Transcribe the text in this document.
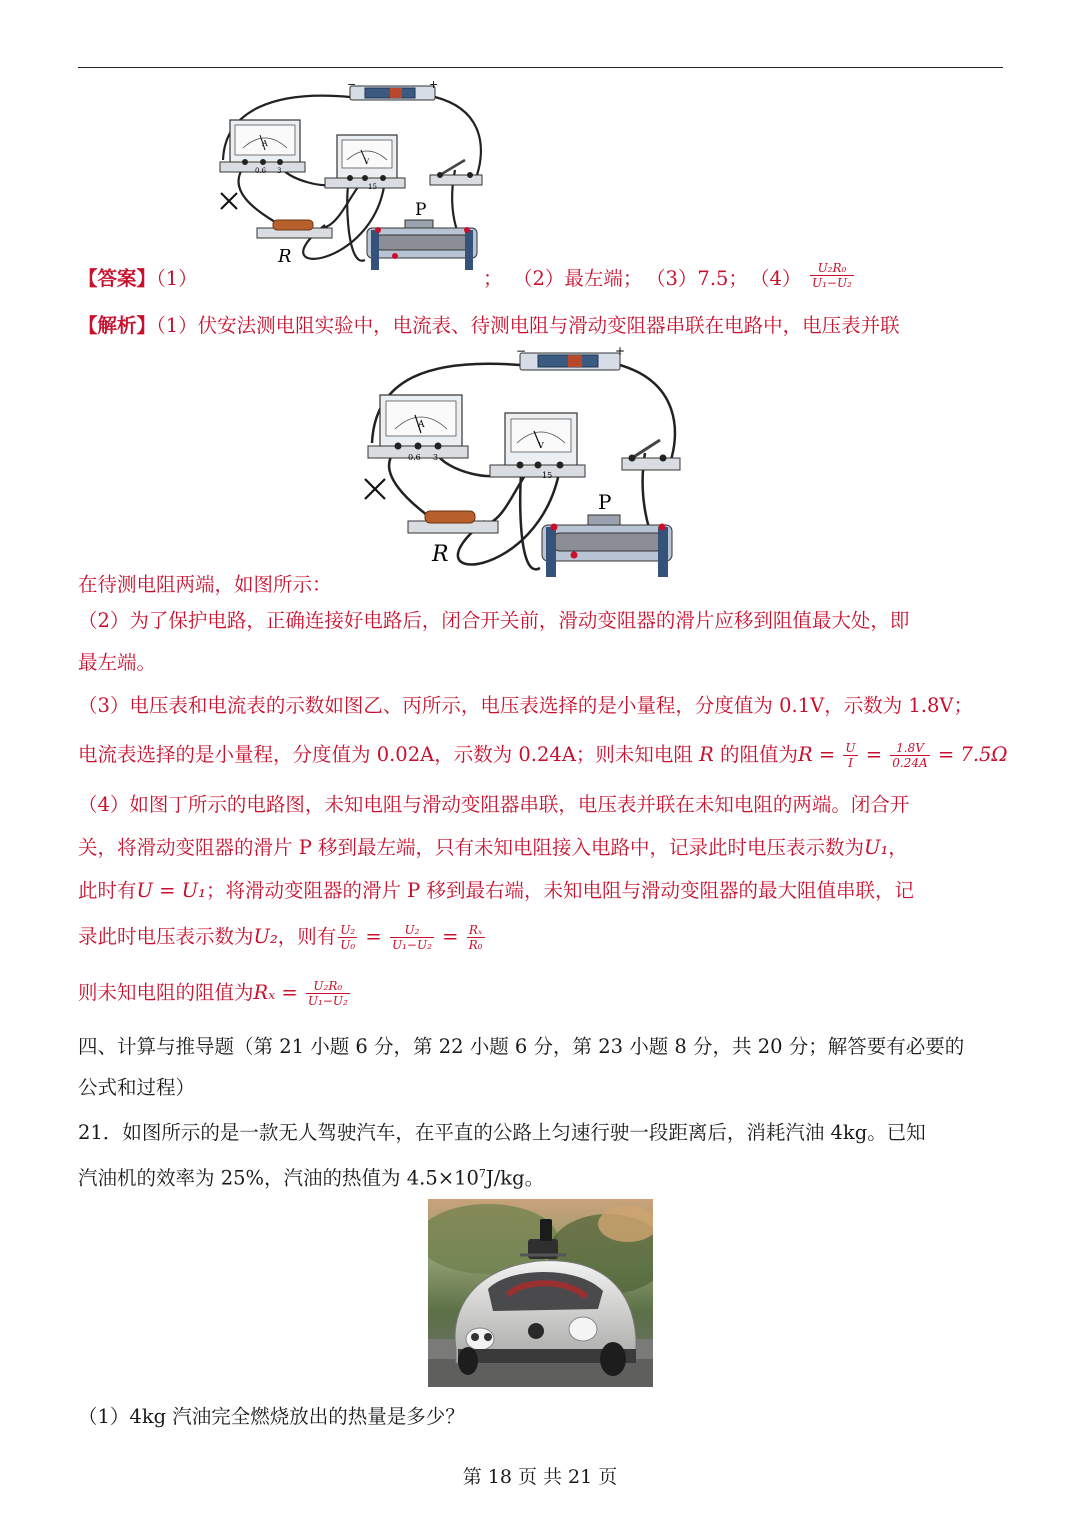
−	+
A
0.6 3
V
15
R
P
【答案】（1）	； （2）最左端； （3）7.5； $(4) \frac{\text{U₂R₀}}{\text{U₁−U₂}}$
【解析】（1）伏安法测电阻实验中，电流表、待测电阻与滑动变阻器串联在电路中，电压表并联
−	+
A
0.6 3
V
15
R
P
在待测电阻两端，如图所示：
（2）为了保护电路，正确连接好电路后，闭合开关前，滑动变阻器的滑片应移到阻值最大处，即
最左端。
（3）电压表和电流表的示数如图乙、丙所示，电压表选择的是小量程，分度值为 0.1V，示数为 1.8V；
电流表选择的是小量程，分度值为 0.02A，示数为 0.24A；则未知电阻 R 的阻值为$R = \frac{U}{I} = \frac{1.8V}{0.24A} = 7.5\Omega$
（4）如图丁所示的电路图，未知电阻与滑动变阻器串联，电压表并联在未知电阻的两端。闭合开
关，将滑动变阻器的滑片 P 移到最左端，只有未知电阻接入电路中，记录此时电压表示数为U₁，
此时有U = U₁；将滑动变阻器的滑片 P 移到最右端，未知电阻与滑动变阻器的最大阻值串联，记
录此时电压表示数为U₂，则有 $\frac{\text{U₂}}{\text{U₀}} = \frac{\text{U₂}}{\text{U₁−U₂}} = \frac{\text{Rₓ}}{\text{R₀}}$
则未知电阻的阻值为$R_x = \frac{\text{U₂R₀}}{\text{U₁−U₂}}$
四、计算与推导题（第 21 小题 6 分，第 22 小题 6 分，第 23 小题 8 分，共 20 分；解答要有必要的
公式和过程）
21．如图所示的是一款无人驾驶汽车，在平直的公路上匀速行驶一段距离后，消耗汽油 4kg。已知
汽油机的效率为 25%，汽油的热值为 $4.5\times 10^7J/kg$。
（1）4kg 汽油完全燃烧放出的热量是多少？
第 18 页 共 21 页
